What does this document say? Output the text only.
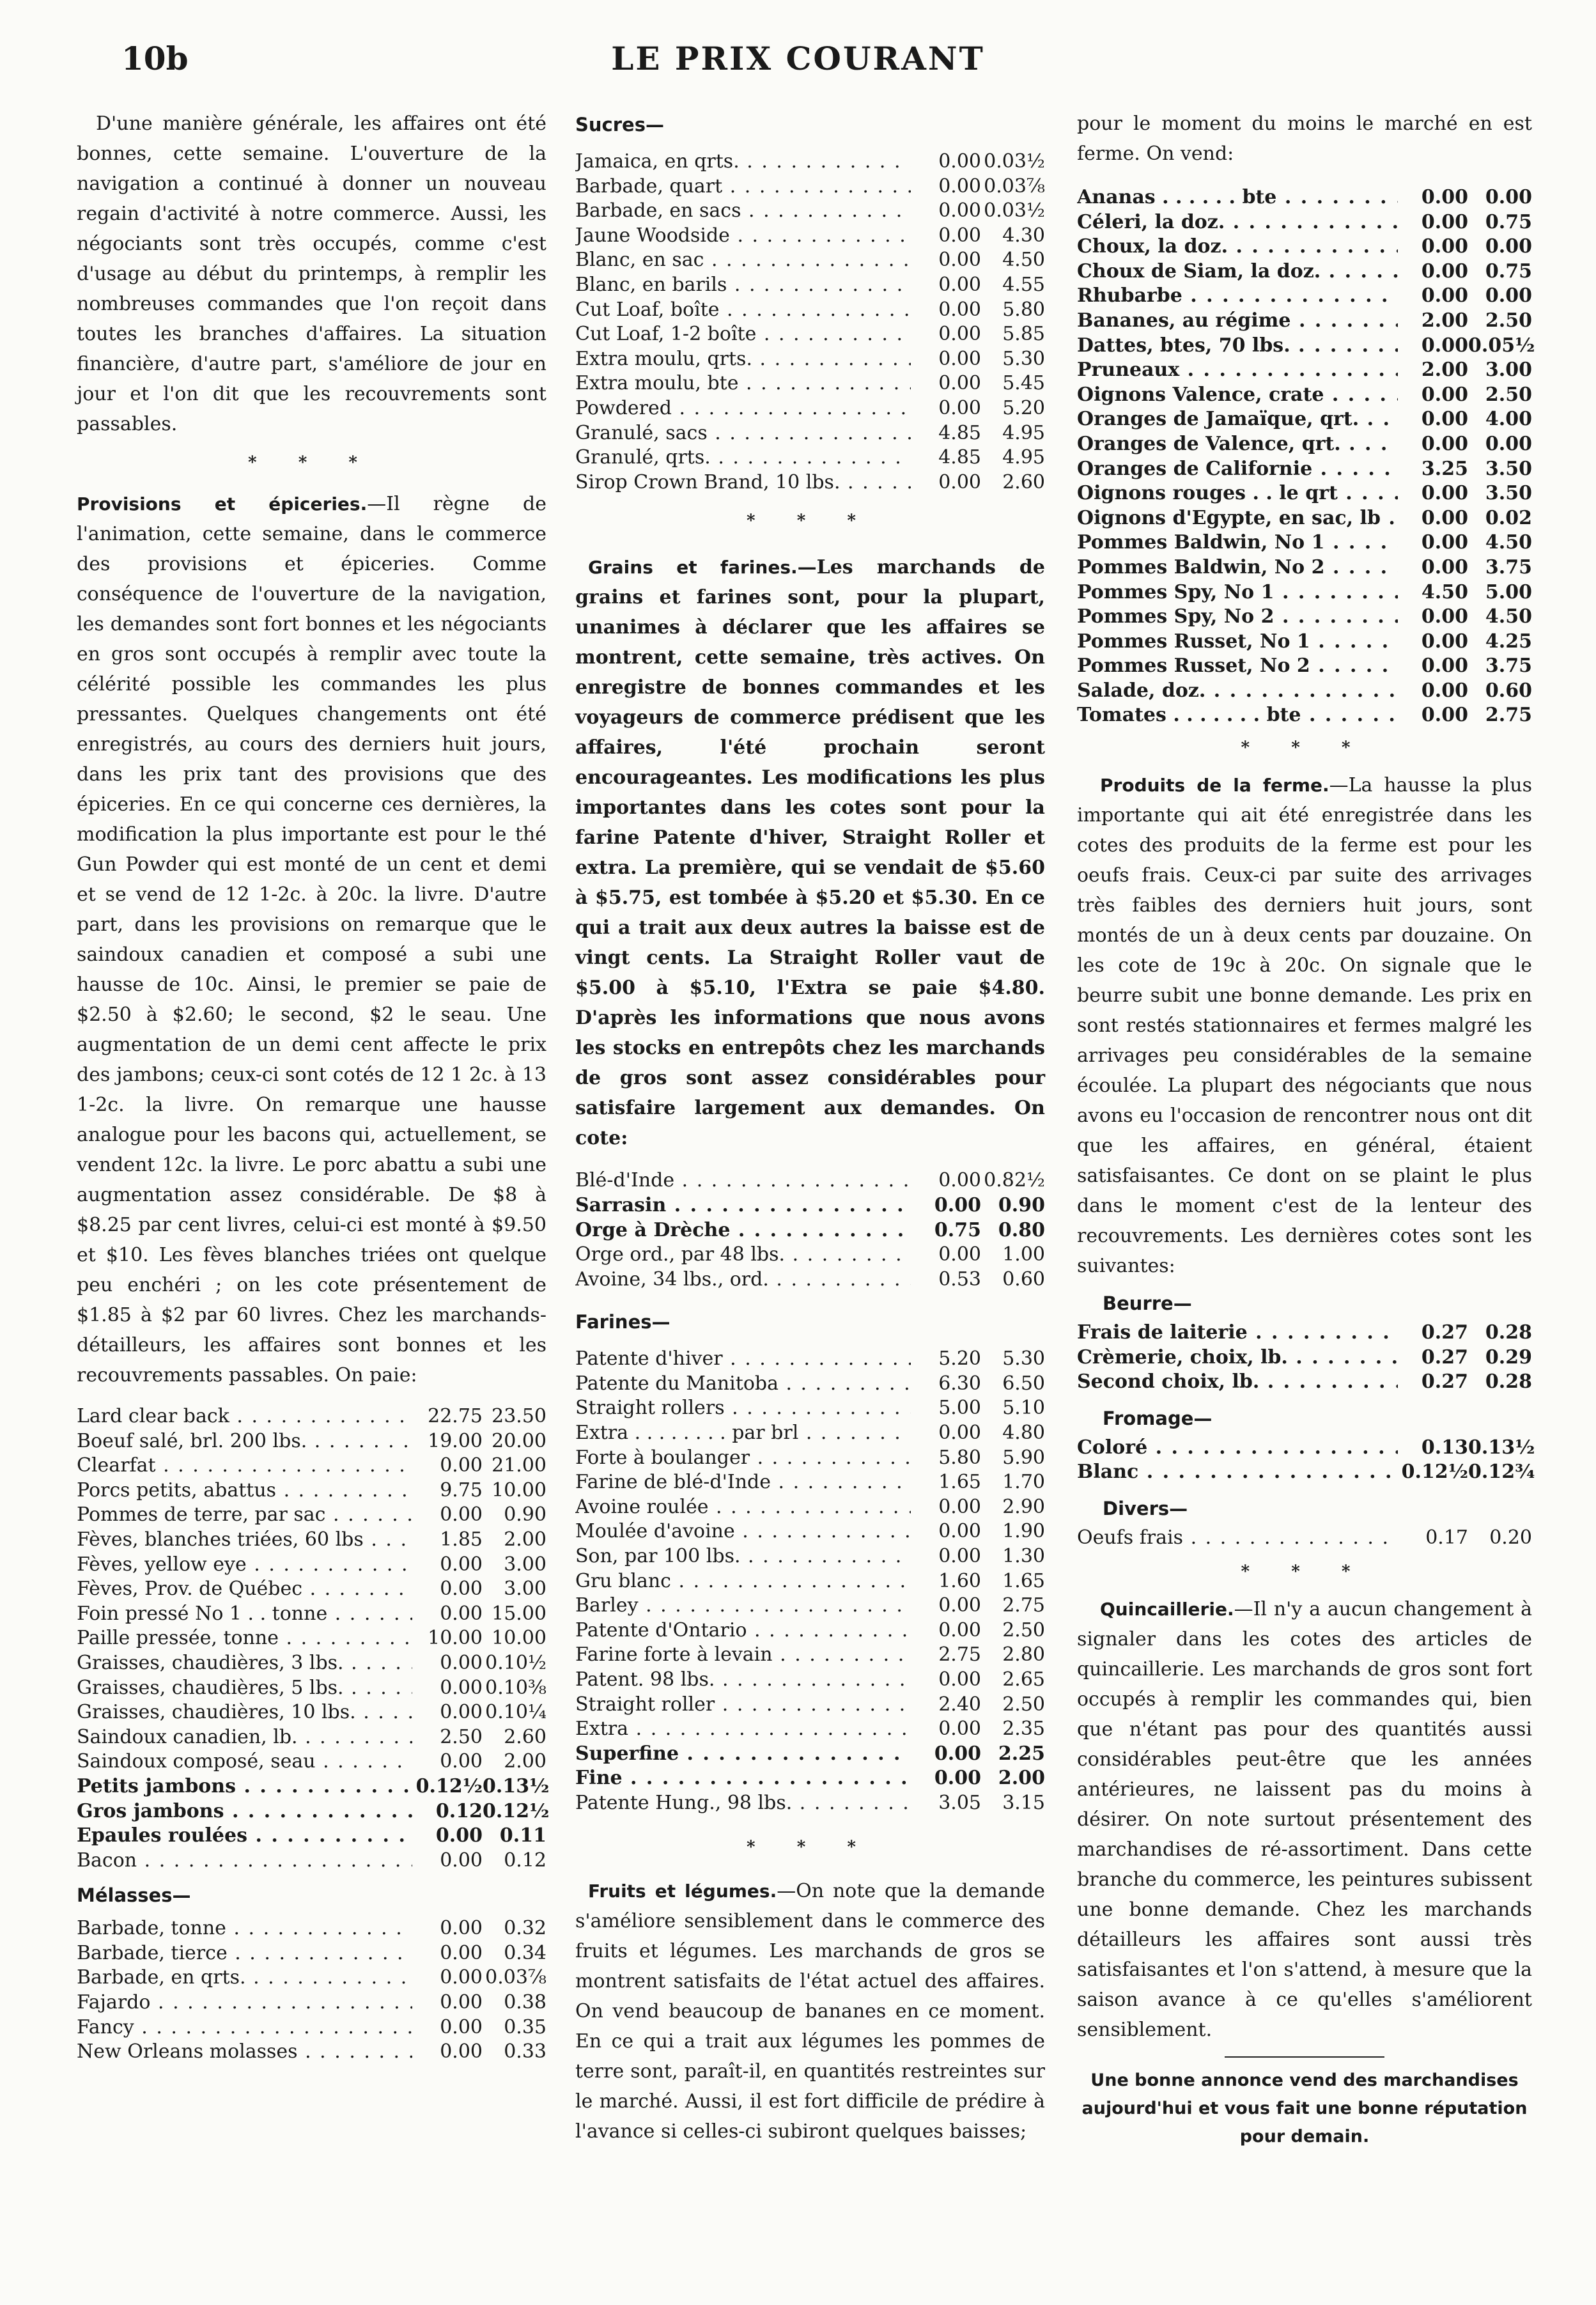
10b	LE PRIX COURANT

D'une manière générale, les affaires ont été bonnes, cette semaine. L'ouverture de la navigation a continué à donner un nouveau regain d'activité à notre commerce. Aussi, les négociants sont très occupés, comme c'est d'usage au début du printemps, à remplir les nombreuses commandes que l'on reçoit dans toutes les branches d'affaires. La situation financière, d'autre part, s'améliore de jour en jour et l'on dit que les recouvrements sont passables.

* * *

Provisions et épiceries.—Il règne de l'animation, cette semaine, dans le commerce des provisions et épiceries. Comme conséquence de l'ouverture de la navigation, les demandes sont fort bonnes et les négociants en gros sont occupés à remplir avec toute la célérité possible les commandes les plus pressantes. Quelques changements ont été enregistrés, au cours des derniers huit jours, dans les prix tant des provisions que des épiceries. En ce qui concerne ces dernières, la modification la plus importante est pour le thé Gun Powder qui est monté de un cent et demi et se vend de 12 1-2c. à 20c. la livre. D'autre part, dans les provisions on remarque que le saindoux canadien et composé a subi une hausse de 10c. Ainsi, le premier se paie de $2.50 à $2.60; le second, $2 le seau. Une augmentation de un demi cent affecte le prix des jambons; ceux-ci sont cotés de 12 1 2c. à 13 1-2c. la livre. On remarque une hausse analogue pour les bacons qui, actuellement, se vendent 12c. la livre. Le porc abattu a subi une augmentation assez considérable. De $8 à $8.25 par cent livres, celui-ci est monté à $9.50 et $10. Les fèves blanches triées ont quelque peu enchéri ; on les cote présentement de $1.85 à $2 par 60 livres. Chez les marchands-détailleurs, les affaires sont bonnes et les recouvrements passables. On paie:

Lard clear back . . .	22.75 23.50
Boeuf salé, brl. 200 lbs. . . .	19.00 20.00
Clearfat . . .	0.00 21.00
Porcs petits, abattus . . .	9.75 10.00
Pommes de terre, par sac . . .	0.00	0.90
Fèves, blanches triées, 60 lbs . . .	1.85	2.00
Fèves, yellow eye . . .	0.00	3.00
Fèves, Prov. de Québec . . .	0.00	3.00
Foin pressé No 1 . . tonne . . .	0.00 15.00
Paille pressée, tonne . . .	10.00 10.00
Graisses, chaudières, 3 lbs. . . .	0.00 0.10½
Graisses, chaudières, 5 lbs. . . .	0.00 0.10⅜
Graisses, chaudières, 10 lbs. . . .	0.00 0.10¼
Saindoux canadien, lb. . . .	2.50	2.60
Saindoux composé, seau . . .	0.00	2.00
Petits jambons . . .	0.12½ 0.13½
Gros jambons . . .	0.12 0.12½
Epaules roulées . . .	0.00 0.11
Bacon . . .	0.00	0.12

Mélasses—

Barbade, tonne . . .	0.00	0.32
Barbade, tierce . . .	0.00	0.34
Barbade, en qrts. . . .	0.00 0.03⅞
Fajardo . . .	0.00	0.38
Fancy . . .	0.00	0.35
New Orleans molasses . . .	0.00	0.33

Sucres—

Jamaica, en qrts. . . .	0.00 0.03½
Barbade, quart . . .	0.00 0.03⅞
Barbade, en sacs . . .	0.00 0.03½
Jaune Woodside . . .	0.00	4.30
Blanc, en sac . . .	0.00	4.50
Blanc, en barils . . .	0.00	4.55
Cut Loaf, boîte . . .	0.00	5.80
Cut Loaf, 1-2 boîte . . .	0.00	5.85
Extra moulu, qrts. . . .	0.00	5.30
Extra moulu, bte . . .	0.00	5.45
Powdered . . .	0.00	5.20
Granulé, sacs . . .	4.85	4.95
Granulé, qrts. . . .	4.85	4.95
Sirop Crown Brand, 10 lbs. . . .	0.00	2.60

* * *

Grains et farines.—Les marchands de grains et farines sont, pour la plupart, unanimes à déclarer que les affaires se montrent, cette semaine, très actives. On enregistre de bonnes commandes et les voyageurs de commerce prédisent que les affaires, l'été prochain seront encourageantes. Les modifications les plus importantes dans les cotes sont pour la farine Patente d'hiver, Straight Roller et extra. La première, qui se vendait de $5.60 à $5.75, est tombée à $5.20 et $5.30. En ce qui a trait aux deux autres la baisse est de vingt cents. La Straight Roller vaut de $5.00 à $5.10, l'Extra se paie $4.80. D'après les informations que nous avons les stocks en entrepôts chez les marchands de gros sont assez considérables pour satisfaire largement aux demandes. On cote:

Blé-d'Inde . . .	0.00 0.82½
Sarrasin . . .	0.00 0.90
Orge à Drèche . . .	0.75 0.80
Orge ord., par 48 lbs. . . .	0.00	1.00
Avoine, 34 lbs., ord. . . .	0.53	0.60

Farines—

Patente d'hiver . . .	5.20	5.30
Patente du Manitoba . . .	6.30	6.50
Straight rollers . . .	5.00	5.10
Extra . . . . . . . . par brl . . .	0.00	4.80
Forte à boulanger . . .	5.80	5.90
Farine de blé-d'Inde . . .	1.65	1.70
Avoine roulée . . .	0.00	2.90
Moulée d'avoine . . .	0.00	1.90
Son, par 100 lbs. . . .	0.00	1.30
Gru blanc . . .	1.60	1.65
Barley . . .	0.00	2.75
Patente d'Ontario . . .	0.00	2.50
Farine forte à levain . . .	2.75	2.80
Patent. 98 lbs. . . .	0.00	2.65
Straight roller . . .	2.40	2.50
Extra . . .	0.00	2.35
Superfine . . .	0.00 2.25
Fine . . .	0.00 2.00
Patente Hung., 98 lbs. . . .	3.05	3.15

* * *

Fruits et légumes.—On note que la demande s'améliore sensiblement dans le commerce des fruits et légumes. Les marchands de gros se montrent satisfaits de l'état actuel des affaires. On vend beaucoup de bananes en ce moment. En ce qui a trait aux légumes les pommes de terre sont, paraît-il, en quantités restreintes sur le marché. Aussi, il est fort difficile de prédire à l'avance si celles-ci subiront quelques baisses;

pour le moment du moins le marché en est ferme. On vend:

Ananas . . . . . . bte . . .	0.00 0.00
Céleri, la doz. . . .	0.00 0.75
Choux, la doz. . . .	0.00 0.00
Choux de Siam, la doz. . . .	0.00 0.75
Rhubarbe . . .	0.00 0.00
Bananes, au régime . . .	2.00 2.50
Dattes, btes, 70 lbs. . . .	0.00 0.05½
Pruneaux . . .	2.00 3.00
Oignons Valence, crate . . .	0.00 2.50
Oranges de Jamaïque, qrt. . . .	0.00 4.00
Oranges de Valence, qrt. . . .	0.00 0.00
Oranges de Californie . . .	3.25 3.50
Oignons rouges . . le qrt . . .	0.00 3.50
Oignons d'Egypte, en sac, lb . . .	0.00 0.02
Pommes Baldwin, No 1 . . .	0.00 4.50
Pommes Baldwin, No 2 . . .	0.00 3.75
Pommes Spy, No 1 . . .	4.50 5.00
Pommes Spy, No 2 . . .	0.00 4.50
Pommes Russet, No 1 . . .	0.00 4.25
Pommes Russet, No 2 . . .	0.00 3.75
Salade, doz. . . .	0.00 0.60
Tomates . . . . . . . bte . . .	0.00 2.75

* * *

Produits de la ferme.—La hausse la plus importante qui ait été enregistrée dans les cotes des produits de la ferme est pour les oeufs frais. Ceux-ci par suite des arrivages très faibles des derniers huit jours, sont montés de un à deux cents par douzaine. On les cote de 19c à 20c. On signale que le beurre subit une bonne demande. Les prix en sont restés stationnaires et fermes malgré les arrivages peu considérables de la semaine écoulée. La plupart des négociants que nous avons eu l'occasion de rencontrer nous ont dit que les affaires, en général, étaient satisfaisantes. Ce dont on se plaint le plus dans le moment c'est de la lenteur des recouvrements. Les dernières cotes sont les suivantes:

Beurre—

Frais de laiterie . . .	0.27 0.28
Crèmerie, choix, lb. . . .	0.27 0.29
Second choix, lb. . . .	0.27 0.28

Fromage—

Coloré . . .	0.13 0.13½
Blanc . . .	0.12½ 0.12¾

Divers—

Oeufs frais . . .	0.17	0.20

* * *

Quincaillerie.—Il n'y a aucun changement à signaler dans les cotes des articles de quincaillerie. Les marchands de gros sont fort occupés à remplir les commandes qui, bien que n'étant pas pour des quantités aussi considérables peut-être que les années antérieures, ne laissent pas du moins à désirer. On note surtout présentement des marchandises de ré-assortiment. Dans cette branche du commerce, les peintures subissent une bonne demande. Chez les marchands détailleurs les affaires sont aussi très satisfaisantes et l'on s'attend, à mesure que la saison avance à ce qu'elles s'améliorent sensiblement.

Une bonne annonce vend des marchandises aujourd'hui et vous fait une bonne réputation pour demain.
